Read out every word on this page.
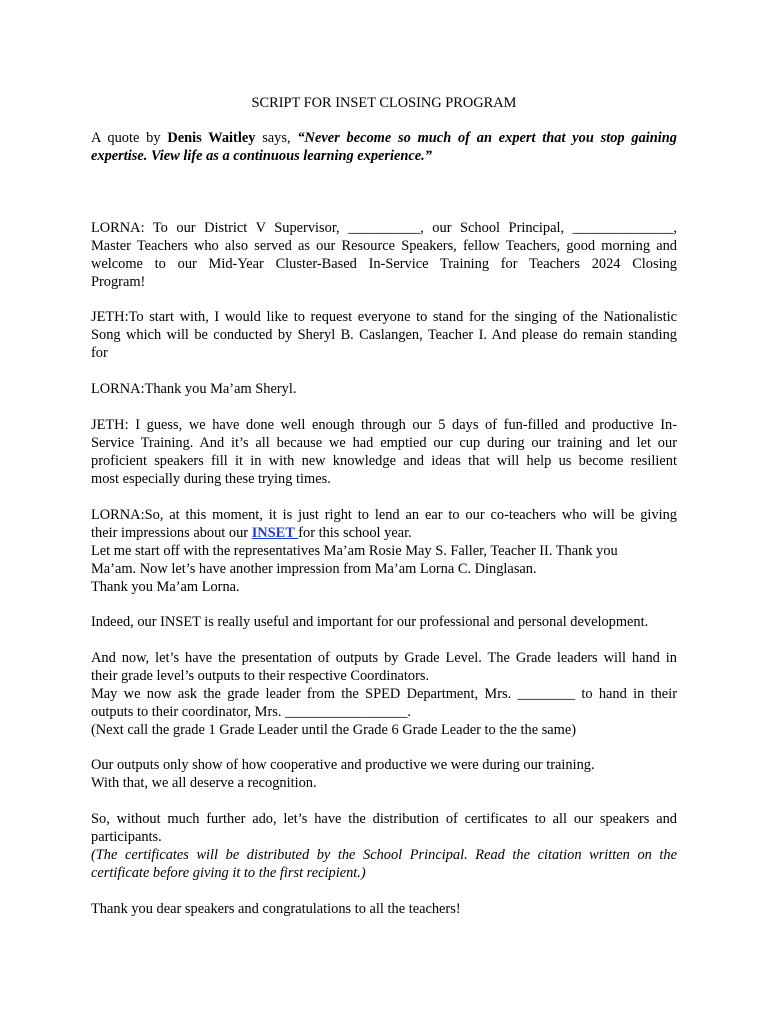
SCRIPT FOR INSET CLOSING PROGRAM
A quote by Denis Waitley says, “Never become so much of an expert that you stop gaining
expertise. View life as a continuous learning experience.”
LORNA: To our District V Supervisor, __________, our School Principal, ______________,
Master Teachers who also served as our Resource Speakers, fellow Teachers, good morning and
welcome to our Mid-Year Cluster-Based In-Service Training for Teachers 2024 Closing
Program!
JETH:To start with, I would like to request everyone to stand for the singing of the Nationalistic
Song which will be conducted by Sheryl B. Caslangen, Teacher I. And please do remain standing
for
LORNA:Thank you Ma’am Sheryl.
JETH: I guess, we have done well enough through our 5 days of fun-filled and productive In-
Service Training. And it’s all because we had emptied our cup during our training and let our
proficient speakers fill it in with new knowledge and ideas that will help us become resilient
most especially during these trying times.
LORNA:So, at this moment, it is just right to lend an ear to our co-teachers who will be giving
their impressions about our INSET for this school year.
Let me start off with the representatives Ma’am Rosie May S. Faller, Teacher II. Thank you
Ma’am. Now let’s have another impression from Ma’am Lorna C. Dinglasan.
Thank you Ma’am Lorna.
Indeed, our INSET is really useful and important for our professional and personal development.
And now, let’s have the presentation of outputs by Grade Level. The Grade leaders will hand in
their grade level’s outputs to their respective Coordinators.
May we now ask the grade leader from the SPED Department, Mrs. ________ to hand in their
outputs to their coordinator, Mrs. _________________.
(Next call the grade 1 Grade Leader until the Grade 6 Grade Leader to the the same)
Our outputs only show of how cooperative and productive we were during our training.
With that, we all deserve a recognition.
So, without much further ado, let’s have the distribution of certificates to all our speakers and
participants.
(The certificates will be distributed by the School Principal. Read the citation written on the
certificate before giving it to the first recipient.)
Thank you dear speakers and congratulations to all the teachers!
